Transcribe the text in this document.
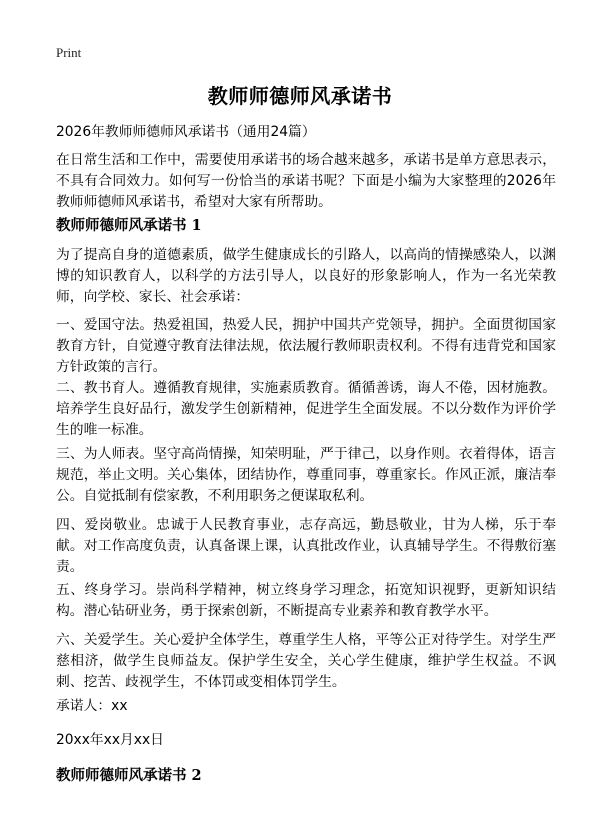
Print
教师师德师风承诺书
2026年教师师德师风承诺书（通用24篇）
在日常生活和工作中，需要使用承诺书的场合越来越多，承诺书是单方意思表示，不具有合同效力。如何写一份恰当的承诺书呢？下面是小编为大家整理的2026年教师师德师风承诺书，希望对大家有所帮助。
教师师德师风承诺书 1
为了提高自身的道德素质，做学生健康成长的引路人，以高尚的情操感染人，以渊博的知识教育人，以科学的方法引导人，以良好的形象影响人，作为一名光荣教师，向学校、家长、社会承诺：
一、爱国守法。热爱祖国，热爱人民，拥护中国共产党领导，拥护。全面贯彻国家教育方针，自觉遵守教育法律法规，依法履行教师职责权利。不得有违背党和国家方针政策的言行。
二、教书育人。遵循教育规律，实施素质教育。循循善诱，诲人不倦，因材施教。培养学生良好品行，激发学生创新精神，促进学生全面发展。不以分数作为评价学生的唯一标准。
三、为人师表。坚守高尚情操，知荣明耻，严于律己，以身作则。衣着得体，语言规范，举止文明。关心集体，团结协作，尊重同事，尊重家长。作风正派，廉洁奉公。自觉抵制有偿家教，不利用职务之便谋取私利。
四、爱岗敬业。忠诚于人民教育事业，志存高远，勤恳敬业，甘为人梯，乐于奉献。对工作高度负责，认真备课上课，认真批改作业，认真辅导学生。不得敷衍塞责。
五、终身学习。崇尚科学精神，树立终身学习理念，拓宽知识视野，更新知识结构。潜心钻研业务，勇于探索创新，不断提高专业素养和教育教学水平。
六、关爱学生。关心爱护全体学生，尊重学生人格，平等公正对待学生。对学生严慈相济，做学生良师益友。保护学生安全，关心学生健康，维护学生权益。不讽刺、挖苦、歧视学生，不体罚或变相体罚学生。
承诺人：xx
20xx年xx月xx日
教师师德师风承诺书 2
